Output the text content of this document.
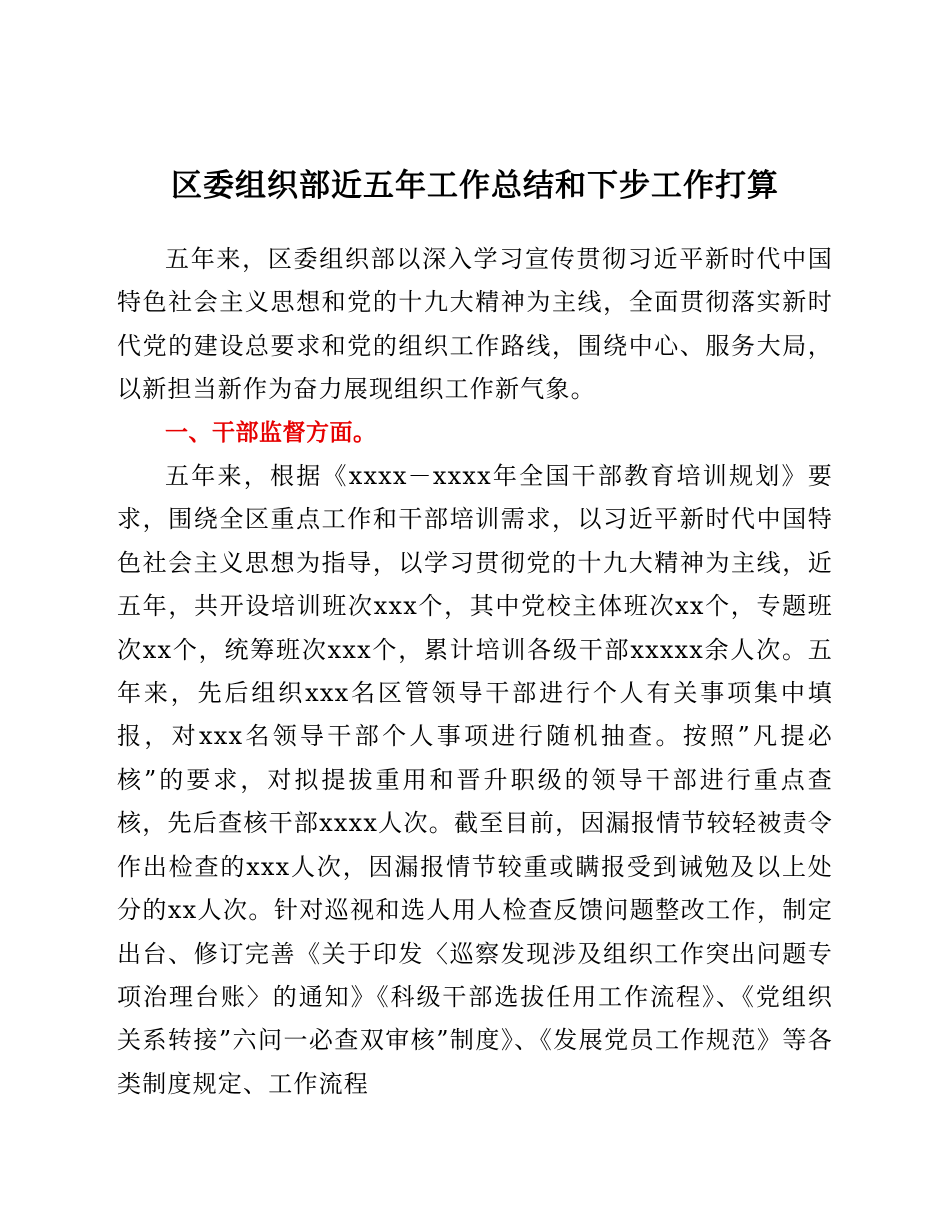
区委组织部近五年工作总结和下步工作打算

五年来，区委组织部以深入学习宣传贯彻习近平新时代中国特色社会主义思想和党的十九大精神为主线，全面贯彻落实新时代党的建设总要求和党的组织工作路线，围绕中心、服务大局，以新担当新作为奋力展现组织工作新气象。

一、干部监督方面。

五年来，根据《xxxx－xxxx年全国干部教育培训规划》要求，围绕全区重点工作和干部培训需求，以习近平新时代中国特色社会主义思想为指导，以学习贯彻党的十九大精神为主线，近五年，共开设培训班次xxx个，其中党校主体班次xx个，专题班次xx个，统筹班次xxx个，累计培训各级干部xxxxx余人次。五年来，先后组织xxx名区管领导干部进行个人有关事项集中填报，对xxx名领导干部个人事项进行随机抽查。按照”凡提必核”的要求，对拟提拔重用和晋升职级的领导干部进行重点查核，先后查核干部xxxx人次。截至目前，因漏报情节较轻被责令作出检查的xxx人次，因漏报情节较重或瞒报受到诫勉及以上处分的xx人次。针对巡视和选人用人检查反馈问题整改工作，制定出台、修订完善《关于印发〈巡察发现涉及组织工作突出问题专项治理台账〉的通知》《科级干部选拔任用工作流程》、《党组织关系转接”六问一必查双审核”制度》、《发展党员工作规范》等各类制度规定、工作流程
